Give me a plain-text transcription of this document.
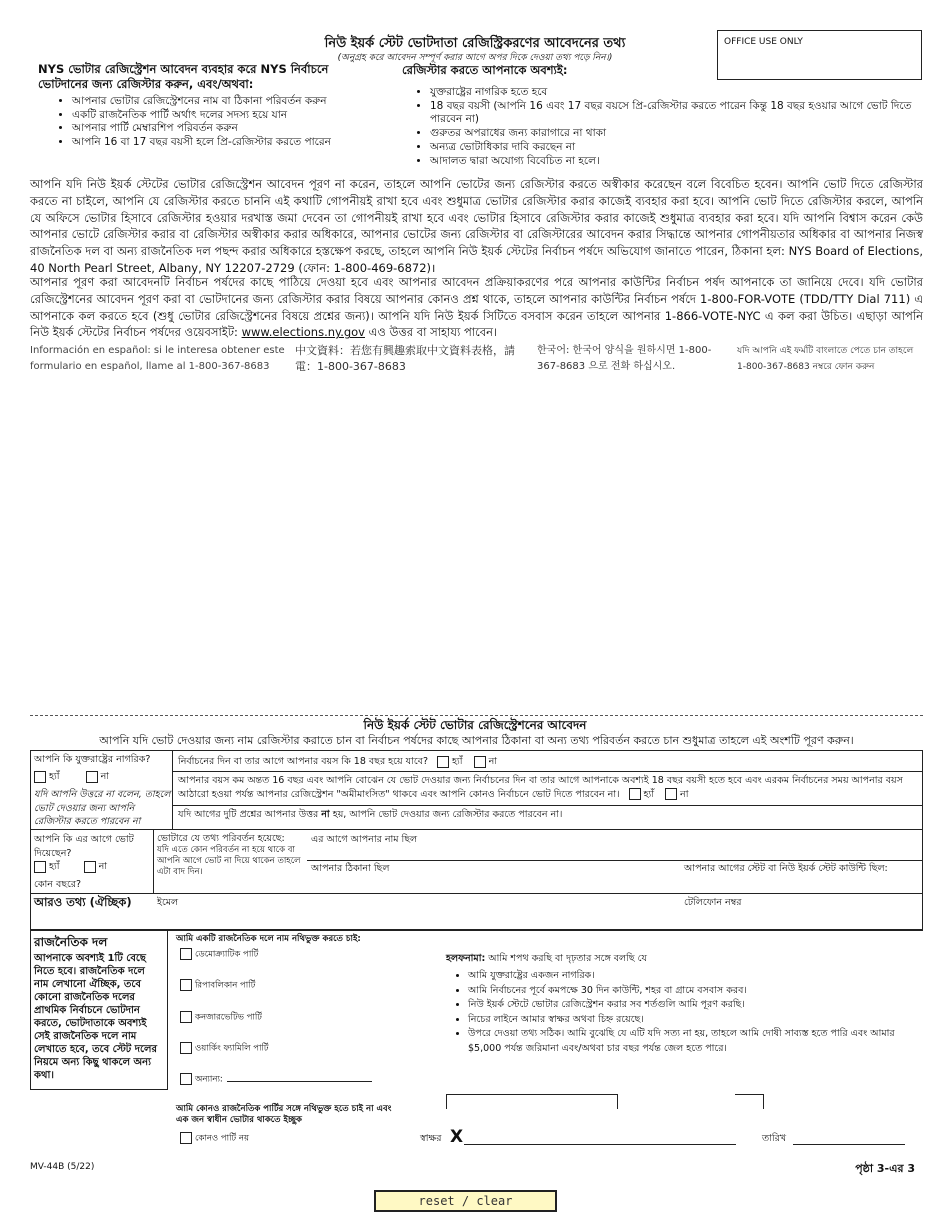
নিউ ইয়র্ক স্টেট ভোটদাতা রেজিস্ট্রিকরণের আবেদনের তথ্য
(অনুগ্রহ করে আবেদন সম্পূর্ণ করার আগে অপর দিকে দেওয়া তথ্য পড়ে নিন।)
OFFICE USE ONLY
NYS ভোটার রেজিস্ট্রেশন আবেদন ব্যবহার করে NYS নির্বাচনে ভোটদানের জন্য রেজিস্টার করুন, এবং/অথবা:
• আপনার ভোটার রেজিস্ট্রেশনের নাম বা ঠিকানা পরিবর্তন করুন
• একটি রাজনৈতিক পার্টি অর্থাৎ দলের সদস্য হয়ে যান
• আপনার পার্টি মেম্বারশিপ পরিবর্তন করুন
• আপনি 16 বা 17 বছর বয়সী হলে প্রি-রেজিস্টার করতে পারেন
রেজিস্টার করতে আপনাকে অবশ্যই:
• যুক্তরাষ্ট্রের নাগরিক হতে হবে
• 18 বছর বয়সী (আপনি 16 এবং 17 বছর বয়সে প্রি-রেজিস্টার করতে পারেন কিন্তু 18 বছর হওয়ার আগে ভোট দিতে পারবেন না)
• গুরুতর অপরাধের জন্য কারাগারে না থাকা
• অন্যত্র ভোটাধিকার দাবি করছেন না
• আদালত দ্বারা অযোগ্য বিবেচিত না হলে।
আপনি যদি নিউ ইয়র্ক স্টেটের ভোটার রেজিস্ট্রেশন আবেদন পূরণ না করেন, তাহলে আপনি ভোটের জন্য রেজিস্টার করতে অস্বীকার করেছেন বলে বিবেচিত হবেন। আপনি ভোট দিতে রেজিস্টার করতে না চাইলে, আপনি যে রেজিস্টার করতে চাননি এই কথাটি গোপনীয়ই রাখা হবে এবং শুধুমাত্র ভোটার রেজিস্টার করার কাজেই ব্যবহার করা হবে। আপনি ভোট দিতে রেজিস্টার করলে, আপনি যে অফিসে ভোটার হিসাবে রেজিস্টার হওয়ার দরখাস্ত জমা দেবেন তা গোপনীয়ই রাখা হবে এবং ভোটার হিসাবে রেজিস্টার করার কাজেই শুধুমাত্র ব্যবহার করা হবে। যদি আপনি বিশ্বাস করেন কেউ আপনার ভোটে রেজিস্টার করার বা রেজিস্টার অস্বীকার করার অধিকারে, আপনার ভোটের জন্য রেজিস্টার বা রেজিস্টারের আবেদন করার সিদ্ধান্তে আপনার গোপনীয়তার অধিকার বা আপনার নিজস্ব রাজনৈতিক দল বা অন্য রাজনৈতিক দল পছন্দ করার অধিকারে হস্তক্ষেপ করছে, তাহলে আপনি নিউ ইয়র্ক স্টেটের নির্বাচন পর্ষদে অভিযোগ জানাতে পারেন, ঠিকানা হল: NYS Board of Elections, 40 North Pearl Street, Albany, NY 12207-2729 (ফোন: 1-800-469-6872)।
আপনার পূরণ করা আবেদনটি নির্বাচন পর্ষদের কাছে পাঠিয়ে দেওয়া হবে এবং আপনার আবেদন প্রক্রিয়াকরণের পরে আপনার কাউন্টির নির্বাচন পর্ষদ আপনাকে তা জানিয়ে দেবে। যদি ভোটার রেজিস্ট্রেশনের আবেদন পূরণ করা বা ভোটদানের জন্য রেজিস্টার করার বিষয়ে আপনার কোনও প্রশ্ন থাকে, তাহলে আপনার কাউন্টির নির্বাচন পর্ষদে 1-800-FOR-VOTE (TDD/TTY Dial 711) এ আপনাকে কল করতে হবে (শুধু ভোটার রেজিস্ট্রেশনের বিষয়ে প্রশ্নের জন্য)। আপনি যদি নিউ ইয়র্ক সিটিতে বসবাস করেন তাহলে আপনার 1-866-VOTE-NYC এ কল করা উচিত। এছাড়া আপনি নিউ ইয়র্ক স্টেটের নির্বাচন পর্ষদের ওয়েবসাইট: www.elections.ny.gov এও উত্তর বা সাহায্য পাবেন।
Información en español: si le interesa obtener este formulario en español, llame al 1-800-367-8683
中文資料：若您有興趣索取中文資料表格，請電：1-800-367-8683
한국어: 한국어 양식을 원하시면 1-800-367-8683 으로 전화 하십시오.
যদি আপনি এই ফর্মটি বাংলাতে পেতে চান তাহলে 1-800-367-8683 নম্বরে ফোন করুন
নিউ ইয়র্ক স্টেট ভোটার রেজিস্ট্রেশনের আবেদন
আপনি যদি ভোট দেওয়ার জন্য নাম রেজিস্টার করাতে চান বা নির্বাচন পর্ষদের কাছে আপনার ঠিকানা বা অন্য তথ্য পরিবর্তন করতে চান শুধুমাত্র তাহলে এই অংশটি পূরণ করুন।
আপনি কি যুক্তরাষ্ট্রের নাগরিক?
হ্যাঁ	না
যদি আপনি উত্তরে না বলেন, তাহলে ভোট দেওয়ার জন্য আপনি রেজিস্টার করতে পারবেন না
নির্বাচনের দিন বা তার আগে আপনার বয়স কি 18 বছর হয়ে যাবে?	হ্যাঁ	না
আপনার বয়স কম অন্তত 16 বছর এবং আপনি বোঝেন যে ভোট দেওয়ার জন্য নির্বাচনের দিন বা তার আগে আপনাকে অবশ্যই 18 বছর বয়সী হতে হবে এবং এরকম নির্বাচনের সময় আপনার বয়স আঠারো হওয়া পর্যন্ত আপনার রেজিস্ট্রেশন "অমীমাংসিত" থাকবে এবং আপনি কোনও নির্বাচনে ভোট দিতে পারবেন না।	হ্যাঁ	না
যদি আগের দুটি প্রশ্নের আপনার উত্তর না হয়, আপনি ভোট দেওয়ার জন্য রেজিস্টার করতে পারবেন না।
আপনি কি এর আগে ভোট দিয়েছেন?
হ্যাঁ	না
কোন বছরে?
ভোটারে যে তথ্য পরিবর্তন হয়েছে:
যদি এতে কোন পরিবর্তন না হয়ে থাকে বা আপনি আগে ভোট না দিয়ে থাকেন তাহলে এটা বাদ দিন।
এর আগে আপনার নাম ছিল
আপনার ঠিকানা ছিল	আপনার আগের স্টেট বা নিউ ইয়র্ক স্টেট কাউন্টি ছিল:
আরও তথ্য (ঐচ্ছিক)	ইমেল	টেলিফোন নম্বর
রাজনৈতিক দল
আপনাকে অবশ্যই 1টি বেছে নিতে হবে। রাজনৈতিক দলে নাম লেখানো ঐচ্ছিক, তবে কোনো রাজনৈতিক দলের প্রাথমিক নির্বাচনে ভোটদান করতে, ভোটদাতাকে অবশ্যই সেই রাজনৈতিক দলে নাম লেখাতে হবে, তবে স্টেট দলের নিয়মে অন্য কিছু থাকলে অন্য কথা।
আমি একটি রাজনৈতিক দলে নাম নথিভুক্ত করতে চাই:
ডেমোক্র্যাটিক পার্টি
রিপাবলিকান পার্টি
কনজারভেটিভ পার্টি
ওয়ার্কিং ফ্যামিলি পার্টি
অন্যান্য:
আমি কোনও রাজনৈতিক পার্টির সঙ্গে নথিভুক্ত হতে চাই না এবং এক জন স্বাধীন ভোটার থাকতে ইচ্ছুক
কোনও পার্টি নয়
হলফনামা: আমি শপথ করছি বা দৃঢ়তার সঙ্গে বলছি যে
• আমি যুক্তরাষ্ট্রের একজন নাগরিক।
• আমি নির্বাচনের পূর্বে কমপক্ষে 30 দিন কাউন্টি, শহর বা গ্রামে বসবাস করব।
• নিউ ইয়র্ক স্টেটে ভোটার রেজিস্ট্রেশন করার সব শর্তগুলি আমি পূরণ করছি।
• নিচের লাইনে আমার স্বাক্ষর অথবা চিহ্ন রয়েছে।
• উপরে দেওয়া তথ্য সঠিক। আমি বুঝেছি যে এটি যদি সত্য না হয়, তাহলে আমি দোষী সাব্যস্ত হতে পারি এবং আমার $5,000 পর্যন্ত জরিমানা এবং/অথবা চার বছর পর্যন্ত জেল হতে পারে।
স্বাক্ষর X	তারিখ
MV-44B (5/22)	পৃষ্ঠা 3-এর 3
reset / clear
